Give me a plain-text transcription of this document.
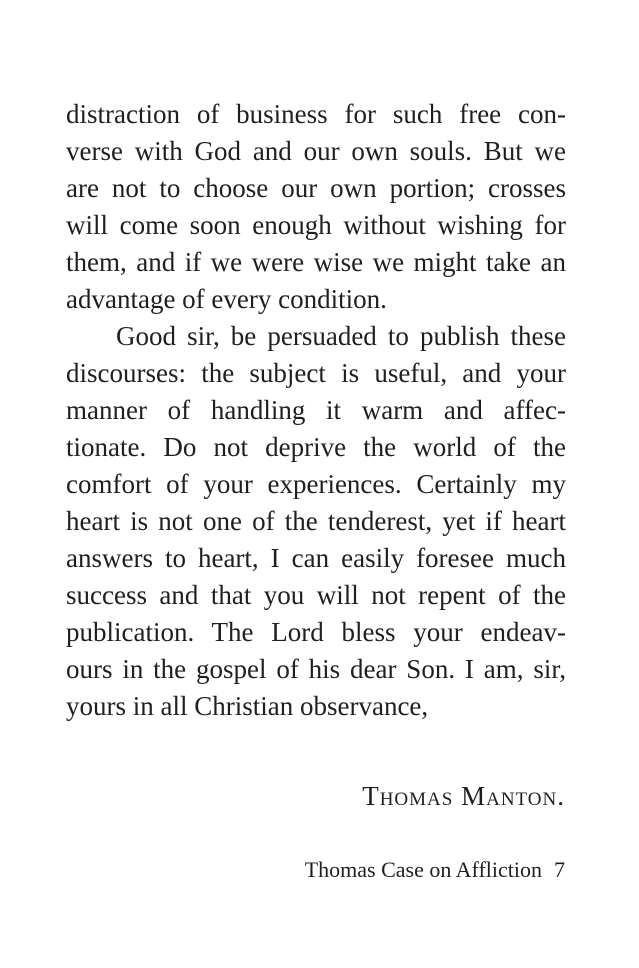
distraction of business for such free con-
verse with God and our own souls. But we
are not to choose our own portion; crosses
will come soon enough without wishing for
them, and if we were wise we might take an
advantage of every condition.
Good sir, be persuaded to publish these
discourses: the subject is useful, and your
manner of handling it warm and affec-
tionate. Do not deprive the world of the
comfort of your experiences. Certainly my
heart is not one of the tenderest, yet if heart
answers to heart, I can easily foresee much
success and that you will not repent of the
publication. The Lord bless your endeav-
ours in the gospel of his dear Son. I am, sir,
yours in all Christian observance,
Thomas Manton.
Thomas Case on Affliction 7
